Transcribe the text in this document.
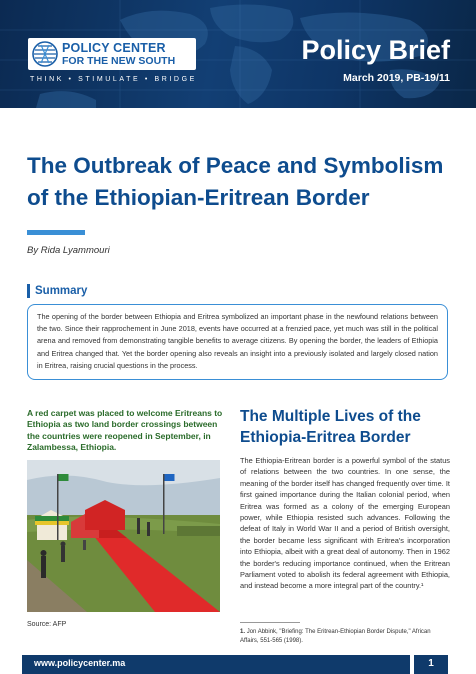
POLICY CENTER
FOR THE NEW SOUTH
THINK • STIMULATE • BRIDGE
Policy Brief
March 2019, PB-19/11
The Outbreak of Peace and Symbolism of the Ethiopian-Eritrean Border
By Rida Lyammouri
Summary

The opening of the border between Ethiopia and Eritrea symbolized an important phase in the newfound relations between the two. Since their rapprochement in June 2018, events have occurred at a frenzied pace, yet much was still in the political arena and removed from demonstrating tangible benefits to average citizens. By opening the border, the leaders of Ethiopia and Eritrea changed that. Yet the border opening also reveals an insight into a previously isolated and largely closed nation in Eritrea, raising crucial questions in the process.

A red carpet was placed to welcome Eritreans to Ethiopia as two land border crossings between the countries were reopened in September, in Zalambessa, Ethiopia.
Source: AFP
The Multiple Lives of the Ethiopia-Eritrea Border

The Ethiopia-Eritrean border is a powerful symbol of the status of relations between the two countries. In one sense, the meaning of the border itself has changed frequently over time. It first gained importance during the Italian colonial period, when Eritrea was formed as a colony of the emerging European power, while Ethiopia resisted such advances. Following the defeat of Italy in World War II and a period of British oversight, the border became less significant with Eritrea's incorporation into Ethiopia, albeit with a great deal of autonomy. Then in 1962 the border's reducing importance continued, when the Eritrean Parliament voted to abolish its federal agreement with Ethiopia, and instead become a more integral part of the country.¹

1. Jon Abbink, "Briefing: The Eritrean-Ethiopian Border Dispute," African Affairs, 551-565 (1998).
www.policycenter.ma	1
